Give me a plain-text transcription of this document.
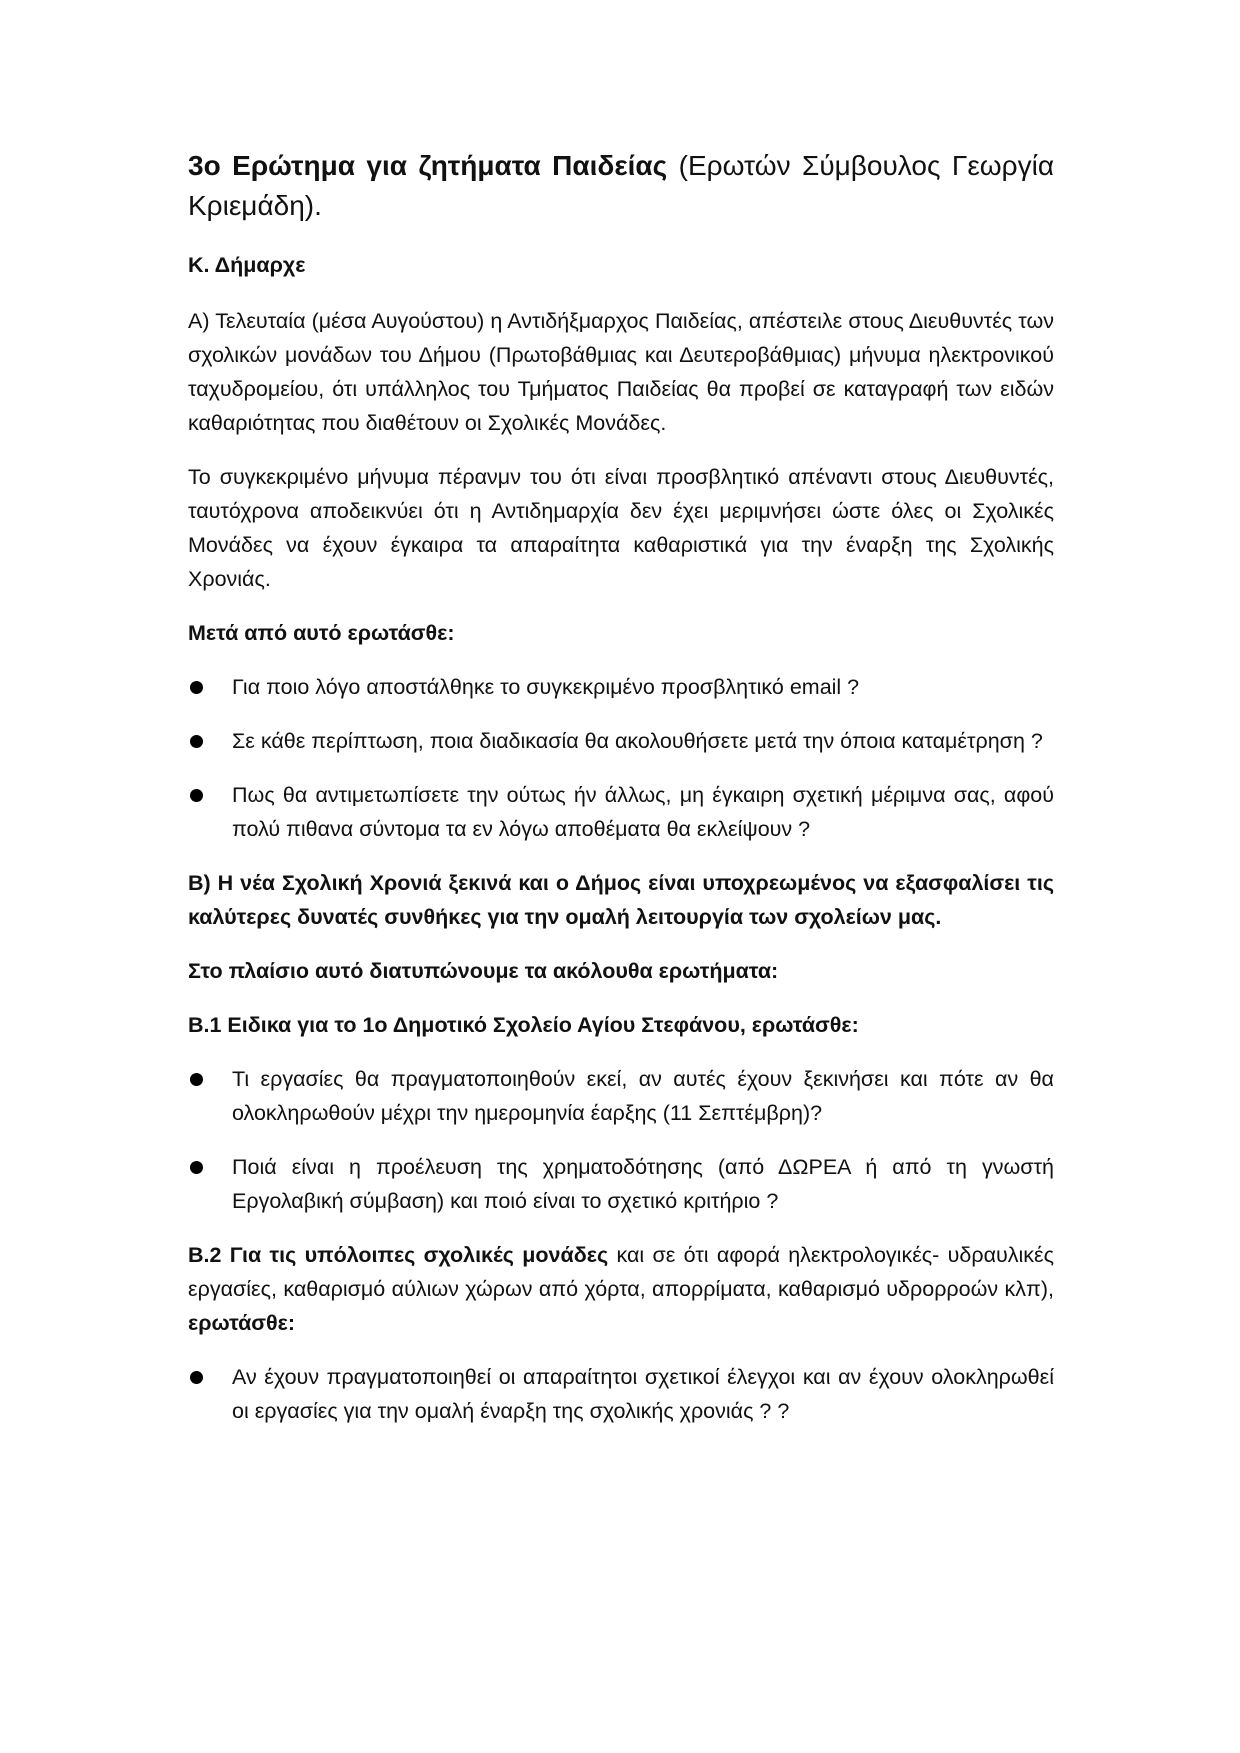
3ο Ερώτημα για ζητήματα Παιδείας (Ερωτών Σύμβουλος Γεωργία Κριεμάδη).

Κ. Δήμαρχε

Α) Τελευταία (μέσα Αυγούστου) η Αντιδήξμαρχος Παιδείας, απέστειλε στους Διευθυντές των σχολικών μονάδων του Δήμου (Πρωτοβάθμιας και Δευτεροβάθμιας) μήνυμα ηλεκτρονικού ταχυδρομείου, ότι υπάλληλος του Τμήματος Παιδείας θα προβεί σε καταγραφή των ειδών καθαριότητας που διαθέτουν οι Σχολικές Μονάδες.

Το συγκεκριμένο μήνυμα πέρανμν του ότι είναι προσβλητικό απέναντι στους Διευθυντές, ταυτόχρονα αποδεικνύει ότι η Αντιδημαρχία δεν έχει μεριμνήσει ώστε όλες οι Σχολικές Μονάδες να έχουν έγκαιρα τα απαραίτητα καθαριστικά για την έναρξη της Σχολικής Χρονιάς.

Μετά από αυτό ερωτάσθε:

Για ποιο λόγο αποστάλθηκε το συγκεκριμένο προσβλητικό email ?
Σε κάθε περίπτωση, ποια διαδικασία θα ακολουθήσετε μετά την όποια καταμέτρηση ?
Πως θα αντιμετωπίσετε την ούτως ήν άλλως, μη έγκαιρη σχετική μέριμνα σας, αφού πολύ πιθανα σύντομα τα εν λόγω αποθέματα θα εκλείψουν ?

Β) Η νέα Σχολική Χρονιά ξεκινά και ο Δήμος είναι υποχρεωμένος να εξασφαλίσει τις καλύτερες δυνατές συνθήκες για την ομαλή λειτουργία των σχολείων μας.

Στο πλαίσιο αυτό διατυπώνουμε τα ακόλουθα ερωτήματα:

Β.1 Ειδικα για το 1ο Δημοτικό Σχολείο Αγίου Στεφάνου, ερωτάσθε:

Τι εργασίες θα πραγματοποιηθούν εκεί, αν αυτές έχουν ξεκινήσει και πότε αν θα ολοκληρωθούν μέχρι την ημερομηνία έαρξης (11 Σεπτέμβρη)?
Ποιά είναι η προέλευση της χρηματοδότησης (από ΔΩΡΕΑ ή από τη γνωστή Εργολαβική σύμβαση) και ποιό είναι το σχετικό κριτήριο ?

Β.2 Για τις υπόλοιπες σχολικές μονάδες και σε ότι αφορά ηλεκτρολογικές- υδραυλικές εργασίες, καθαρισμό αύλιων χώρων από χόρτα, απορρίματα, καθαρισμό υδρορροών κλπ), ερωτάσθε:

Αν έχουν πραγματοποιηθεί οι απαραίτητοι σχετικοί έλεγχοι και αν έχουν ολοκληρωθεί οι εργασίες για την ομαλή έναρξη της σχολικής χρονιάς ? ?
